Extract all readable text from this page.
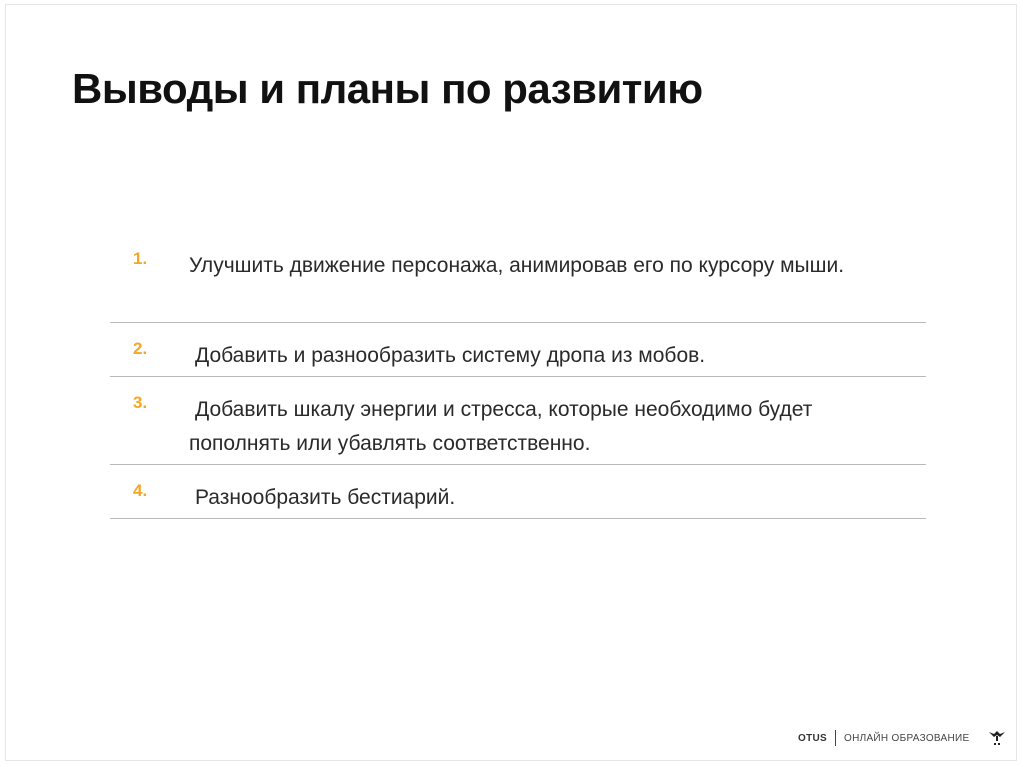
Выводы и планы по развитию
1. Улучшить движение персонажа, анимировав его по курсору мыши.
2. Добавить и разнообразить систему дропа из мобов.
3. Добавить шкалу энергии и стресса, которые необходимо будет пополнять или убавлять соответственно.
4. Разнообразить бестиарий.
OTUS ОНЛАЙН ОБРАЗОВАНИЕ
